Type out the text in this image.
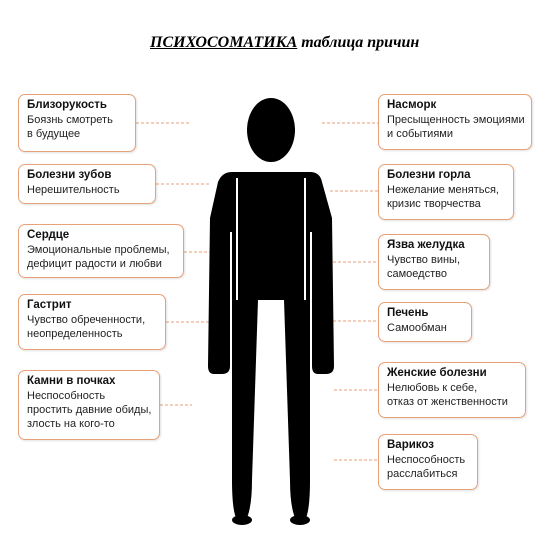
ПСИХОСОМАТИКА таблица причин
Близорукость
Боязнь смотреть
в будущее
Болезни зубов
Нерешительность
Сердце
Эмоциональные проблемы,
дефицит радости и любви
Гастрит
Чувство обреченности,
неопределенность
Камни в почках
Неспособность
простить давние обиды,
злость на кого-то
Насморк
Пресыщенность эмоциями
и событиями
Болезни горла
Нежелание меняться,
кризис творчества
Язва желудка
Чувство вины,
самоедство
Печень
Самообман
Женские болезни
Нелюбовь к себе,
отказ от женственности
Варикоз
Неспособность
расслабиться
